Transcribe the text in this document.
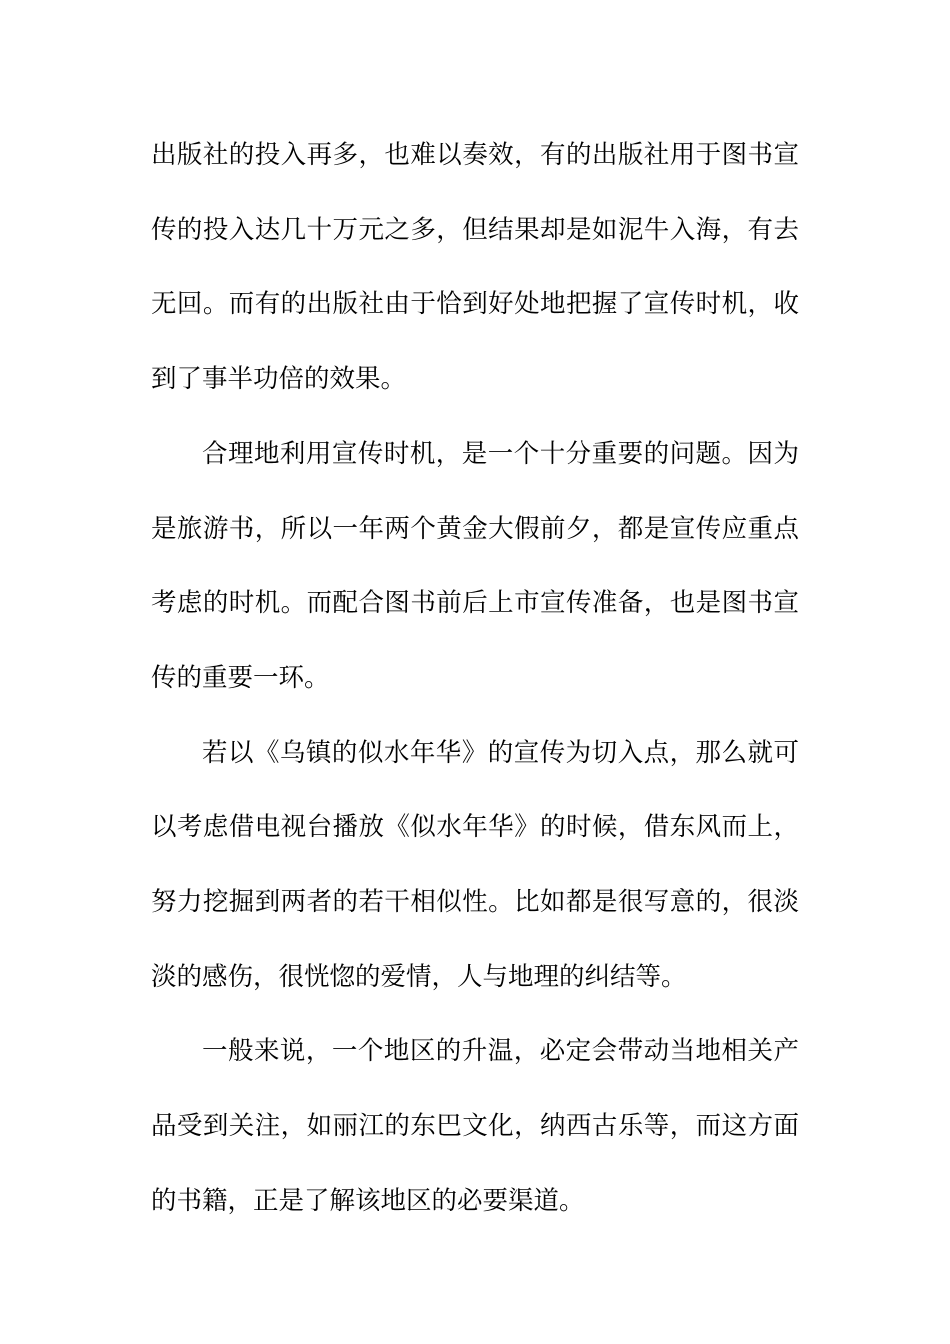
出版社的投入再多，也难以奏效，有的出版社用于图书宣传的投入达几十万元之多，但结果却是如泥牛入海，有去无回。而有的出版社由于恰到好处地把握了宣传时机，收到了事半功倍的效果。

合理地利用宣传时机，是一个十分重要的问题。因为是旅游书，所以一年两个黄金大假前夕，都是宣传应重点考虑的时机。而配合图书前后上市宣传准备，也是图书宣传的重要一环。

若以《乌镇的似水年华》的宣传为切入点，那么就可以考虑借电视台播放《似水年华》的时候，借东风而上，努力挖掘到两者的若干相似性。比如都是很写意的，很淡淡的感伤，很恍惚的爱情，人与地理的纠结等。

一般来说，一个地区的升温，必定会带动当地相关产品受到关注，如丽江的东巴文化，纳西古乐等，而这方面的书籍，正是了解该地区的必要渠道。
